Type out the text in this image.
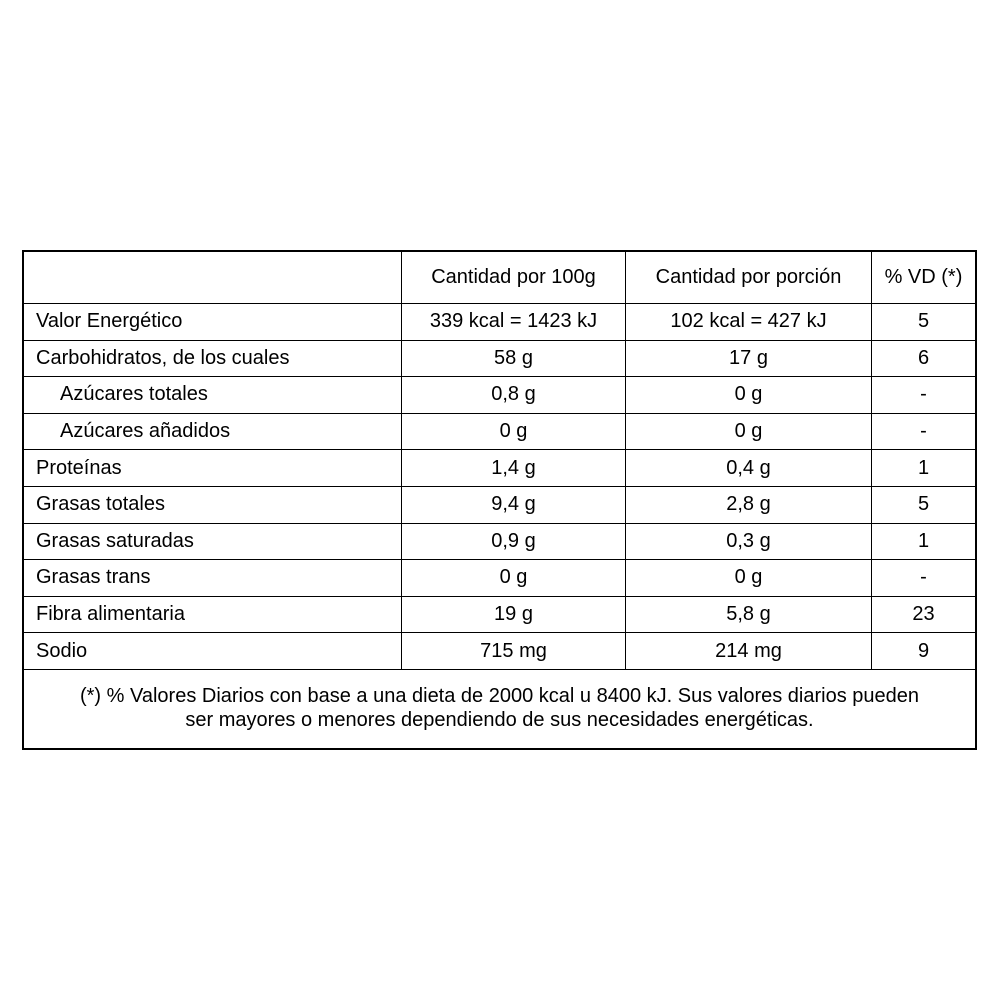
	Cantidad por 100g	Cantidad por porción	% VD (*)
Valor Energético	339 kcal = 1423 kJ	102 kcal = 427 kJ	5
Carbohidratos, de los cuales	58 g	17 g	6
Azúcares totales	0,8 g	0 g	-
Azúcares añadidos	0 g	0 g	-
Proteínas	1,4 g	0,4 g	1
Grasas totales	9,4 g	2,8 g	5
Grasas saturadas	0,9 g	0,3 g	1
Grasas trans	0 g	0 g	-
Fibra alimentaria	19 g	5,8 g	23
Sodio	715 mg	214 mg	9
(*) % Valores Diarios con base a una dieta de 2000 kcal u 8400 kJ. Sus valores diarios pueden
ser mayores o menores dependiendo de sus necesidades energéticas.
